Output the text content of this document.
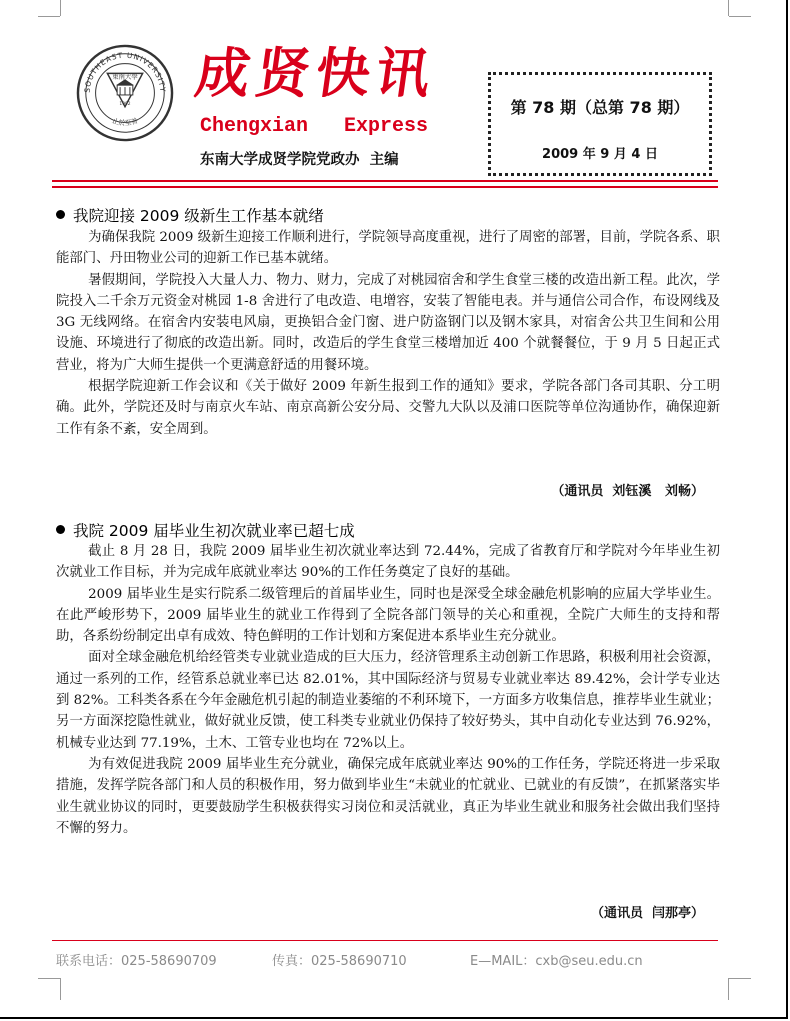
SOUTHEAST UNIVERSITY
止於至善
東南大學
1902 成贤快讯
Chengxian   Express
东南大学成贤学院党政办  主编
第 78 期（总第 78 期）
2009 年 9 月 4 日
我院迎接 2009 级新生工作基本就绪

为确保我院 2009 级新生迎接工作顺利进行，学院领导高度重视，进行了周密的部署，目前，学院各系、职能部门、丹田物业公司的迎新工作已基本就绪。

暑假期间，学院投入大量人力、物力、财力，完成了对桃园宿舍和学生食堂三楼的改造出新工程。此次，学院投入二千余万元资金对桃园 1-8 舍进行了电改造、电增容，安装了智能电表。并与通信公司合作，布设网线及 3G 无线网络。在宿舍内安装电风扇，更换铝合金门窗、进户防盗钢门以及钢木家具，对宿舍公共卫生间和公用设施、环境进行了彻底的改造出新。同时，改造后的学生食堂三楼增加近 400 个就餐餐位，于 9 月 5 日起正式营业，将为广大师生提供一个更满意舒适的用餐环境。

根据学院迎新工作会议和《关于做好 2009 年新生报到工作的通知》要求，学院各部门各司其职、分工明确。此外，学院还及时与南京火车站、南京高新公安分局、交警九大队以及浦口医院等单位沟通协作，确保迎新工作有条不紊，安全周到。

（通讯员  刘钰溪   刘畅）
我院 2009 届毕业生初次就业率已超七成

截止 8 月 28 日，我院 2009 届毕业生初次就业率达到 72.44%，完成了省教育厅和学院对今年毕业生初次就业工作目标，并为完成年底就业率达 90%的工作任务奠定了良好的基础。

2009 届毕业生是实行院系二级管理后的首届毕业生，同时也是深受全球金融危机影响的应届大学毕业生。在此严峻形势下，2009 届毕业生的就业工作得到了全院各部门领导的关心和重视，全院广大师生的支持和帮助，各系纷纷制定出卓有成效、特色鲜明的工作计划和方案促进本系毕业生充分就业。

面对全球金融危机给经管类专业就业造成的巨大压力，经济管理系主动创新工作思路，积极利用社会资源，通过一系列的工作，经管系总就业率已达 82.01%，其中国际经济与贸易专业就业率达 89.42%，会计学专业达到 82%。工科类各系在今年金融危机引起的制造业萎缩的不利环境下，一方面多方收集信息，推荐毕业生就业；另一方面深挖隐性就业，做好就业反馈，使工科类专业就业仍保持了较好势头，其中自动化专业达到 76.92%，机械专业达到 77.19%，土木、工管专业也均在 72%以上。

为有效促进我院 2009 届毕业生充分就业，确保完成年底就业率达 90%的工作任务，学院还将进一步采取措施，发挥学院各部门和人员的积极作用，努力做到毕业生“未就业的忙就业、已就业的有反馈”，在抓紧落实毕业生就业协议的同时，更要鼓励学生积极获得实习岗位和灵活就业，真正为毕业生就业和服务社会做出我们坚持不懈的努力。

（通讯员  闫那亭）
联系电话：025-58690709	传真：025-58690710	E—MAIL：cxb@seu.edu.cn
